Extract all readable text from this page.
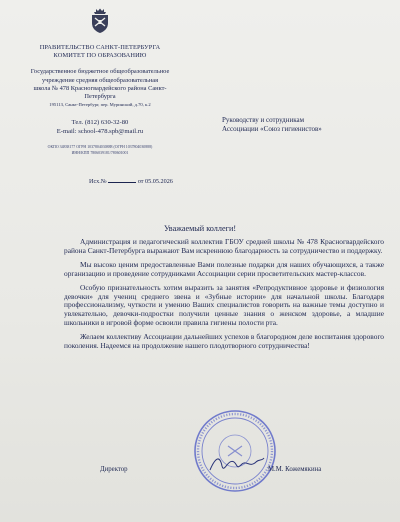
ПРАВИТЕЛЬСТВО САНКТ-ПЕТЕРБУРГА
КОМИТЕТ ПО ОБРАЗОВАНИЮ
Государственное бюджетное общеобразовательное
учреждение средняя общеобразовательная
школа № 478 Красногвардейского района Санкт-
Петербурга
195113, Санкт-Петербург, пер. Муринский, д.70, к.2
Тел. (812) 630-32-80
E-mail: school-478.spb@mail.ru
ОКПО 34838177 ОГРН 1037804030888 (ОГРН 1037804030888)
ИНН/КПП 7806039181/780601001
Исх.№	от 05.05.2026
Руководству и сотрудникам
Ассоциации «Союз гигиенистов»
Уважаемый коллеги!

Администрация и педагогический коллектив ГБОУ средней школы № 478 Красногвардейского района Санкт-Петербурга выражают Вам искреннюю благодарность за сотрудничество и поддержку.

Мы высоко ценим предоставленные Вами полезные подарки для наших обучающихся, а также организацию и проведение сотрудниками Ассоциации серии просветительских мастер-классов.

Особую признательность хотим выразить за занятия «Репродуктивное здоровье и физиология девочки» для учениц среднего звена и «Зубные истории» для начальной школы. Благодаря профессионализму, чуткости и умению Ваших специалистов говорить на важные темы доступно и увлекательно, девочки-подростки получили ценные знания о женском здоровье, а младшие школьники в игровой форме освоили правила гигиены полости рта.

Желаем коллективу Ассоциации дальнейших успехов в благородном деле воспитания здорового поколения. Надеемся на продолжение нашего плодотворного сотрудничества!

Директор	М.М. Кожемякина
